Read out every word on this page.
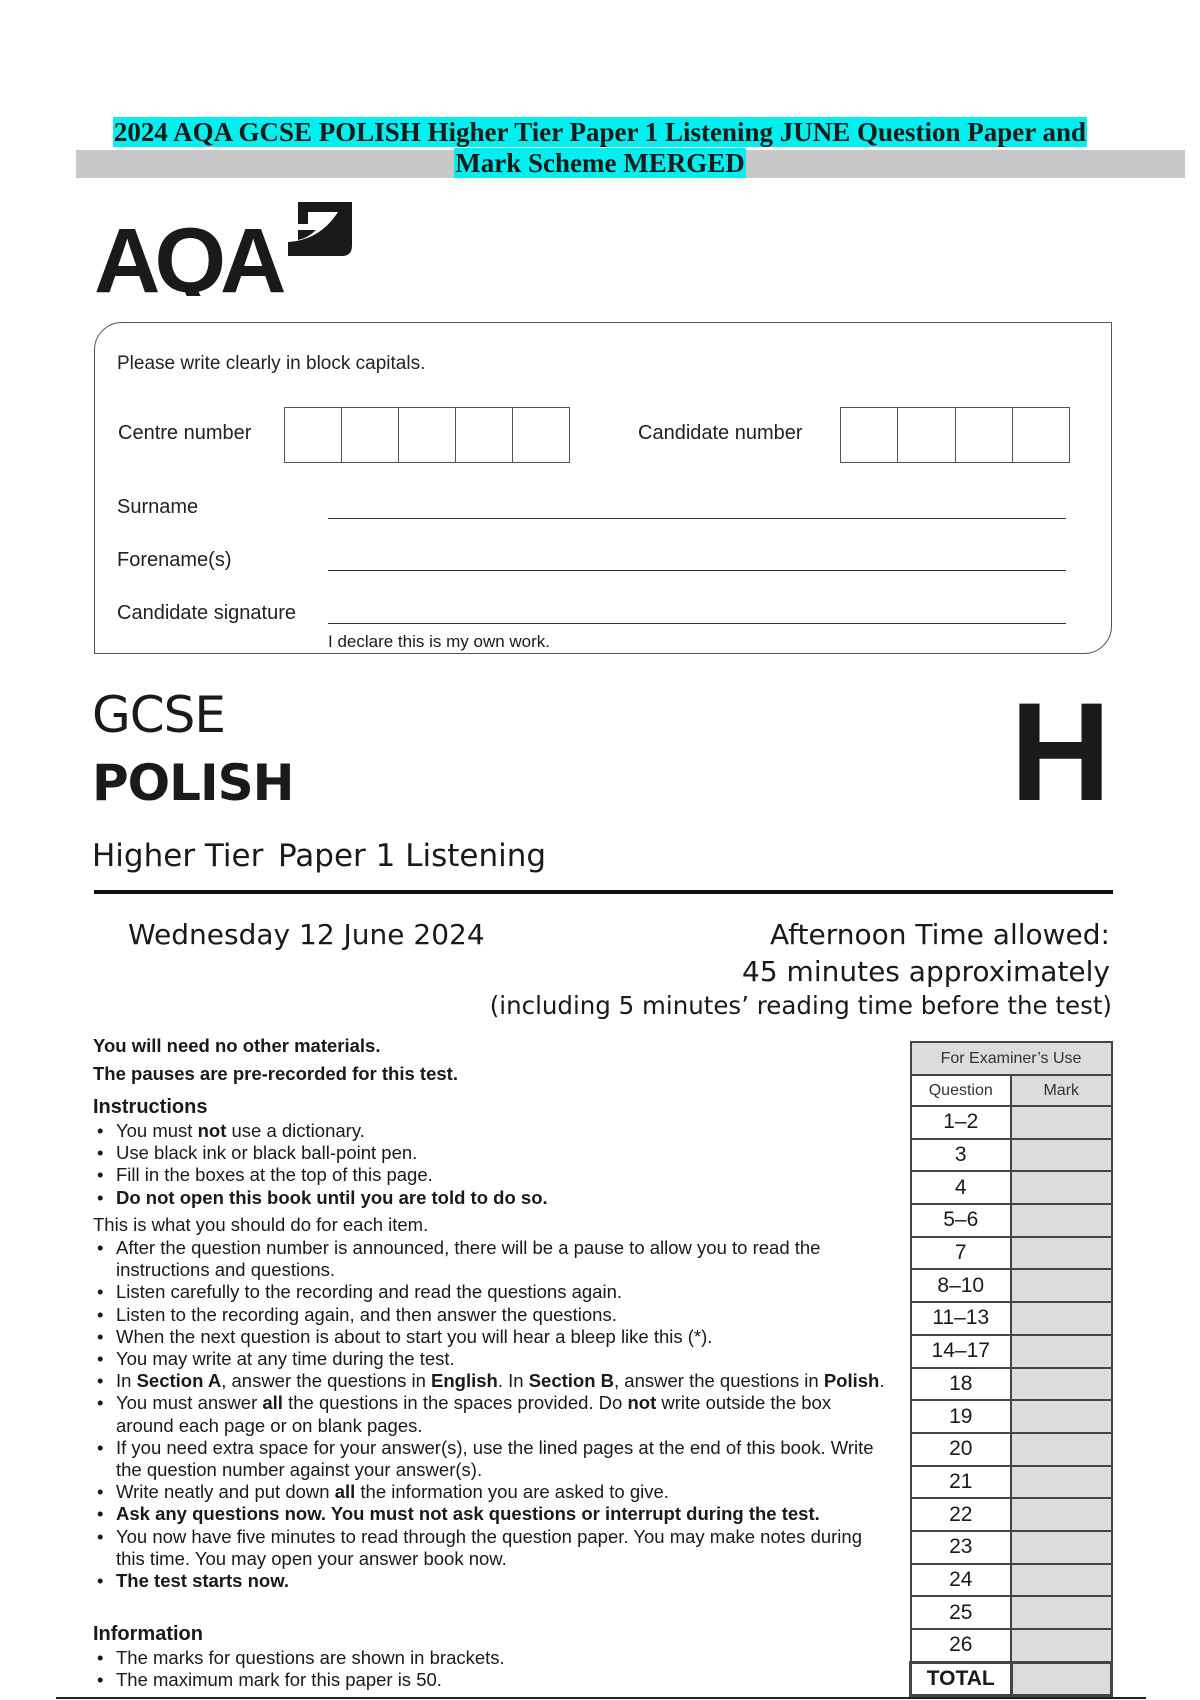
2024 AQA GCSE POLISH Higher Tier Paper 1 Listening JUNE Question Paper and
Mark Scheme MERGED
AQA
Please write clearly in block capitals.
Centre number	Candidate number
Surname
Forename(s)
Candidate signature
I declare this is my own work.
GCSE
POLISH	H
Higher Tier Paper 1 Listening
Wednesday 12 June 2024	Afternoon Time allowed:
45 minutes approximately
(including 5 minutes’ reading time before the test)
You will need no other materials.
The pauses are pre-recorded for this test.
Instructions
• You must not use a dictionary.
• Use black ink or black ball-point pen.
• Fill in the boxes at the top of this page.
• Do not open this book until you are told to do so.
This is what you should do for each item.
• After the question number is announced, there will be a pause to allow you to read the instructions and questions.
• Listen carefully to the recording and read the questions again.
• Listen to the recording again, and then answer the questions.
• When the next question is about to start you will hear a bleep like this (*).
• You may write at any time during the test.
• In Section A, answer the questions in English. In Section B, answer the questions in Polish.
• You must answer all the questions in the spaces provided. Do not write outside the box around each page or on blank pages.
• If you need extra space for your answer(s), use the lined pages at the end of this book. Write the question number against your answer(s).
• Write neatly and put down all the information you are asked to give.
• Ask any questions now. You must not ask questions or interrupt during the test.
• You now have five minutes to read through the question paper. You may make notes during this time. You may open your answer book now.
• The test starts now.
Information
• The marks for questions are shown in brackets.
• The maximum mark for this paper is 50.
For Examiner’s Use	
Question	Mark
1–2	
3	
4	
5–6	
7	
8–10	
11–13	
14–17	
18	
19	
20	
21	
22	
23	
24	
25	
26	
TOTAL	
